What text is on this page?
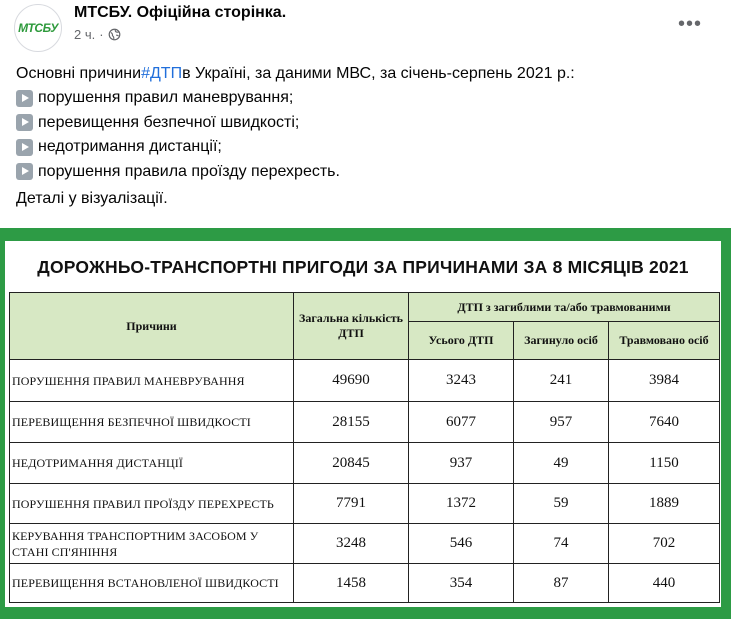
МТСБУ
МТСБУ. Офіційна сторінка.
2 ч. ·	•••
Основні причини #ДТП в Україні, за даними МВС, за січень-серпень 2021 р.:
порушення правил маневрування;
перевищення безпечної швидкості;
недотримання дистанції;
порушення правила проїзду перехресть.
Деталі у візуалізації.
ДОРОЖНЬО-ТРАНСПОРТНІ ПРИГОДИ ЗА ПРИЧИНАМИ ЗА 8 МІСЯЦІВ 2021
Причини	Загальна кількість ДТП	ДТП з загиблими та/або травмованими		
		Усього ДТП	Загинуло осіб	Травмовано осіб
ПОРУШЕННЯ ПРАВИЛ МАНЕВРУВАННЯ	49690	3243	241	3984
ПЕРЕВИЩЕННЯ БЕЗПЕЧНОЇ ШВИДКОСТІ	28155	6077	957	7640
НЕДОТРИМАННЯ ДИСТАНЦІЇ	20845	937	49	1150
ПОРУШЕННЯ ПРАВИЛ ПРОЇЗДУ ПЕРЕХРЕСТЬ	7791	1372	59	1889
КЕРУВАННЯ ТРАНСПОРТНИМ ЗАСОБОМ У СТАНІ СП'ЯНІННЯ	3248	546	74	702
ПЕРЕВИЩЕННЯ ВСТАНОВЛЕНОЇ ШВИДКОСТІ	1458	354	87	440
